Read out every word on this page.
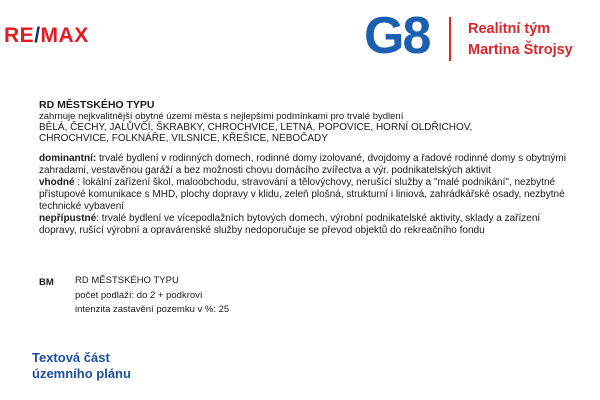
RE/MAX	G8	Realitní tým
Martina Štrojsy
RD MĚSTSKÉHO TYPU
zahrnuje nejkvalitnější obytné území města s nejlepšími podmínkami pro trvalé bydlení
BĚLÁ, ČECHY, JALŮVČÍ, ŠKRABKY, CHROCHVICE, LETNÁ, POPOVICE, HORNÍ OLDŘICHOV,
CHROCHVICE, FOLKNÁŘE, VILSNICE, KŘEŠICE, NEBOČADY

dominantní: trvalé bydlení v rodinných domech, rodinné domy izolované, dvojdomy a řadové rodinné domy s obytnými zahradami, vestavěnou garáží a bez možnosti chovu domácího zvířectva a výr. podnikatelských aktivit

vhodné : lokální zařízení škol, maloobchodu, stravování a tělovýchovy, nerušící služby a "malé podnikání", nezbytné přístupové komunikace s MHD, plochy dopravy v klidu, zeleň plošná, strukturní i liniová, zahrádkářské osady, nezbytné technické vybavení

nepřípustné: trvalé bydlení ve vícepodlažních bytových domech, výrobní podnikatelské aktivity, sklady a zařízení dopravy, rušící výrobní a opravárenské služby nedoporučuje se převod objektů do rekreačního fondu

BM RD MĚSTSKÉHO TYPU
počet podlaží: do 2 + podkroví
intenzita zastavění pozemku v %: 25
Textová část
územního plánu
